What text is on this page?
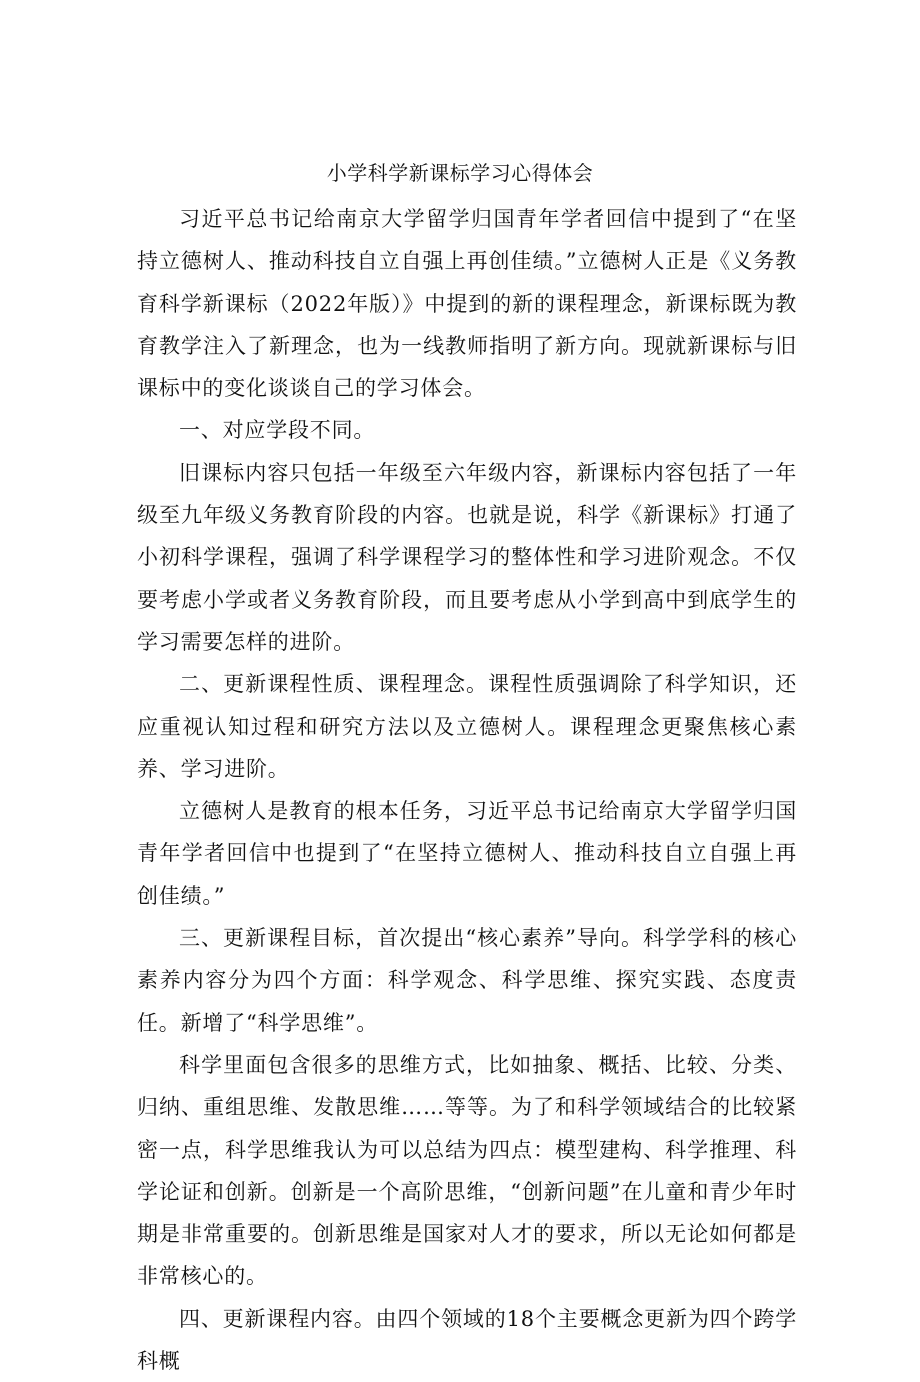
小学科学新课标学习心得体会

习近平总书记给南京大学留学归国青年学者回信中提到了“在坚持立德树人、推动科技自立自强上再创佳绩。”立德树人正是《义务教育科学新课标（2022年版）》中提到的新的课程理念，新课标既为教育教学注入了新理念，也为一线教师指明了新方向。现就新课标与旧课标中的变化谈谈自己的学习体会。

一、对应学段不同。

旧课标内容只包括一年级至六年级内容，新课标内容包括了一年级至九年级义务教育阶段的内容。也就是说，科学《新课标》打通了小初科学课程，强调了科学课程学习的整体性和学习进阶观念。不仅要考虑小学或者义务教育阶段，而且要考虑从小学到高中到底学生的学习需要怎样的进阶。

二、更新课程性质、课程理念。课程性质强调除了科学知识，还应重视认知过程和研究方法以及立德树人。课程理念更聚焦核心素养、学习进阶。

立德树人是教育的根本任务，习近平总书记给南京大学留学归国青年学者回信中也提到了“在坚持立德树人、推动科技自立自强上再创佳绩。”

三、更新课程目标，首次提出“核心素养”导向。科学学科的核心素养内容分为四个方面：科学观念、科学思维、探究实践、态度责任。新增了“科学思维”。

科学里面包含很多的思维方式，比如抽象、概括、比较、分类、归纳、重组思维、发散思维……等等。为了和科学领域结合的比较紧密一点，科学思维我认为可以总结为四点：模型建构、科学推理、科学论证和创新。创新是一个高阶思维，“创新问题”在儿童和青少年时期是非常重要的。创新思维是国家对人才的要求，所以无论如何都是非常核心的。

四、更新课程内容。由四个领域的18个主要概念更新为四个跨学科概
